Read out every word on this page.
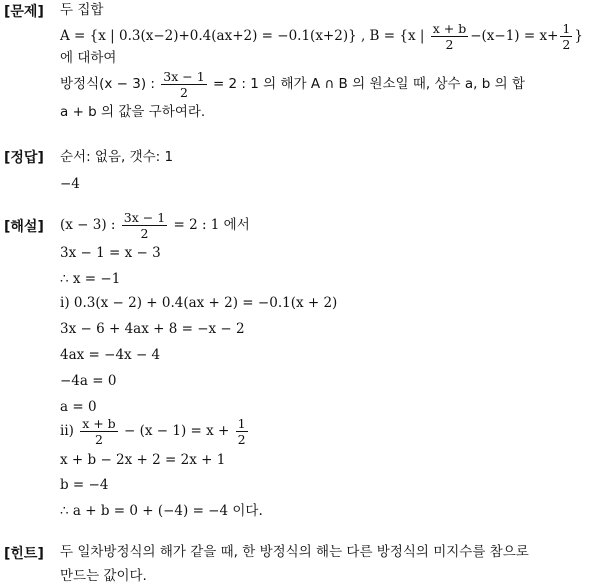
[문제]
[정답]
[해설]
[힌트]
두 집합
A = {x | 0.3(x−2)+0.4(ax+2) = −0.1(x+2)} , B = {x | $\frac{x + b}{2} -(x-1) = x+ \frac{1}{2}$ }
에 대하여
방정식(x − 3) : $\frac{3x - 1}{2} = 2$ : 1 의 해가 A ∩ B 의 원소일 때, 상수 a, b 의 합
a + b 의 값을 구하여라.
순서: 없음, 갯수: 1
−4
(x − 3) : $\frac{3x - 1}{2} = 2$ : 1 에서
3x − 1 = x − 3
∴ x = −1
ⅰ) 0.3(x − 2) + 0.4(ax + 2) = −0.1(x + 2)
3x − 6 + 4ax + 8 = −x − 2
4ax = −4x − 4
−4a = 0
a = 0
ⅱ) $\frac{x + b}{2} - (x - 1) = x + \frac{1}{2}$
x + b − 2x + 2 = 2x + 1
b = −4
∴ a + b = 0 + (−4) = −4 이다.
두 일차방정식의 해가 같을 때, 한 방정식의 해는 다른 방정식의 미지수를 참으로
만드는 값이다.
